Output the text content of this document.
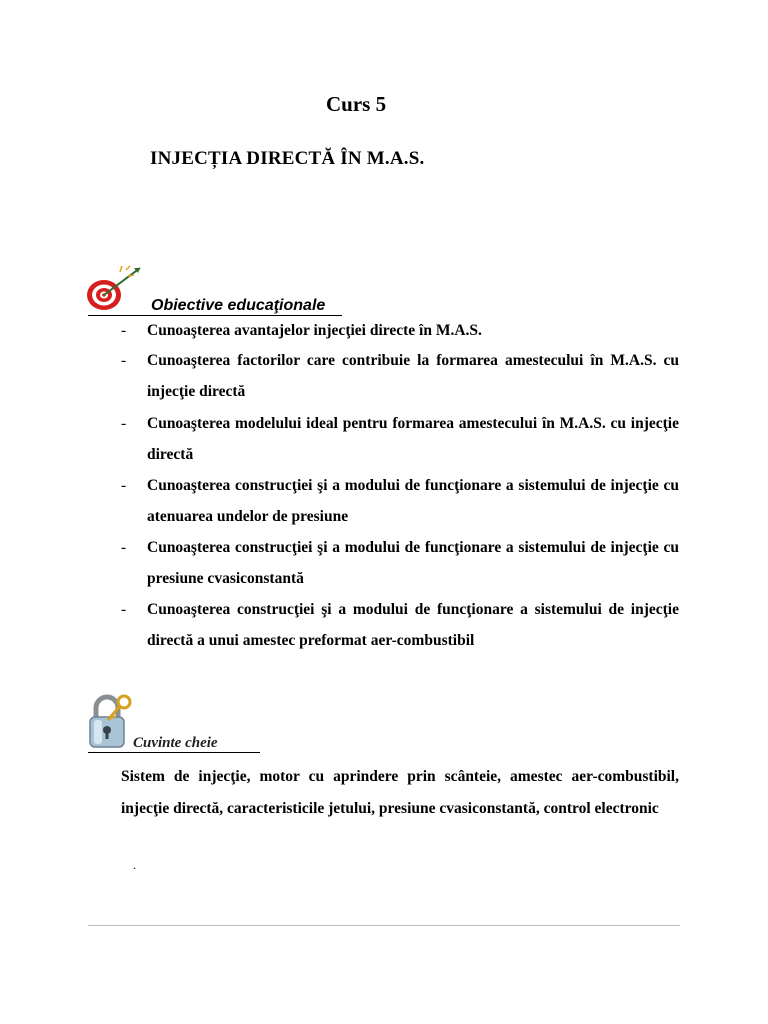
Curs 5
INJECȚIA DIRECTĂ ÎN M.A.S.
Obiective educaţionale
- Cunoaşterea avantajelor injecţiei directe în M.A.S.
- Cunoaşterea factorilor care contribuie la formarea amestecului în M.A.S. cu injecţie directă
- Cunoaşterea modelului ideal pentru formarea amestecului în M.A.S. cu injecţie directă
- Cunoaşterea construcţiei şi a modului de funcţionare a sistemului de injecţie cu atenuarea undelor de presiune
- Cunoaşterea construcţiei şi a modului de funcţionare a sistemului de injecţie cu presiune cvasiconstantă
- Cunoaşterea construcţiei şi a modului de funcţionare a sistemului de injecţie directă a unui amestec preformat aer-combustibil
Cuvinte cheie
Sistem de injecţie, motor cu aprindere prin scânteie, amestec aer-combustibil, injecţie directă, caracteristicile jetului, presiune cvasiconstantă, control electronic
.
